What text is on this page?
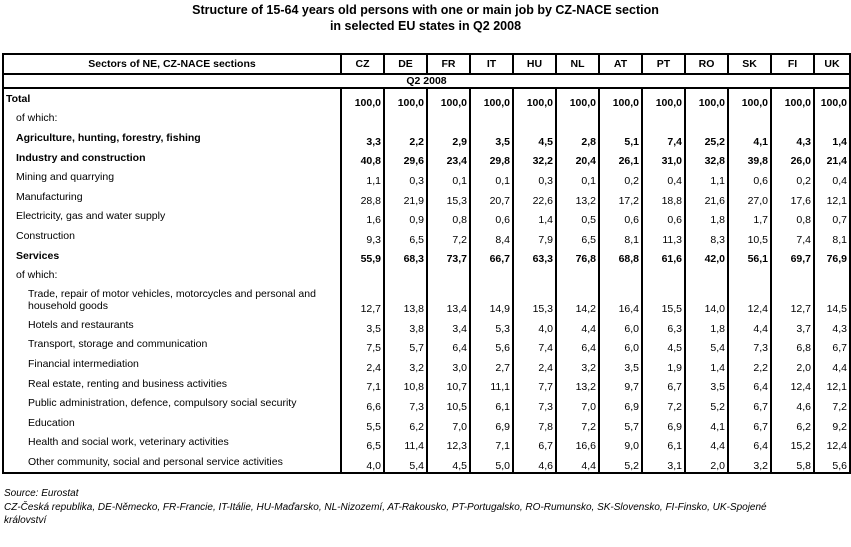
Structure of 15-64 years old persons with one or main job by CZ-NACE section
in selected EU states in Q2 2008
Sectors of NE, CZ-NACE sections	CZ	DE	FR	IT	HU	NL	AT	PT	RO	SK	FI	UK
Q2 2008												
Total	100,0	100,0	100,0	100,0	100,0	100,0	100,0	100,0	100,0	100,0	100,0	100,0
of which:												
Agriculture, hunting, forestry, fishing	3,3	2,2	2,9	3,5	4,5	2,8	5,1	7,4	25,2	4,1	4,3	1,4
Industry and construction	40,8	29,6	23,4	29,8	32,2	20,4	26,1	31,0	32,8	39,8	26,0	21,4
Mining and quarrying	1,1	0,3	0,1	0,1	0,3	0,1	0,2	0,4	1,1	0,6	0,2	0,4
Manufacturing	28,8	21,9	15,3	20,7	22,6	13,2	17,2	18,8	21,6	27,0	17,6	12,1
Electricity, gas and water supply	1,6	0,9	0,8	0,6	1,4	0,5	0,6	0,6	1,8	1,7	0,8	0,7
Construction	9,3	6,5	7,2	8,4	7,9	6,5	8,1	11,3	8,3	10,5	7,4	8,1
Services	55,9	68,3	73,7	66,7	63,3	76,8	68,8	61,6	42,0	56,1	69,7	76,9
of which:												
Trade, repair of motor vehicles, motorcycles and personal and household goods	12,7	13,8	13,4	14,9	15,3	14,2	16,4	15,5	14,0	12,4	12,7	14,5
Hotels and restaurants	3,5	3,8	3,4	5,3	4,0	4,4	6,0	6,3	1,8	4,4	3,7	4,3
Transport, storage and communication	7,5	5,7	6,4	5,6	7,4	6,4	6,0	4,5	5,4	7,3	6,8	6,7
Financial intermediation	2,4	3,2	3,0	2,7	2,4	3,2	3,5	1,9	1,4	2,2	2,0	4,4
Real estate, renting and business activities	7,1	10,8	10,7	11,1	7,7	13,2	9,7	6,7	3,5	6,4	12,4	12,1
Public administration, defence, compulsory social security	6,6	7,3	10,5	6,1	7,3	7,0	6,9	7,2	5,2	6,7	4,6	7,2
Education	5,5	6,2	7,0	6,9	7,8	7,2	5,7	6,9	4,1	6,7	6,2	9,2
Health and social work, veterinary activities	6,5	11,4	12,3	7,1	6,7	16,6	9,0	6,1	4,4	6,4	15,2	12,4
Other community, social and personal service activities	4,0	5,4	4,5	5,0	4,6	4,4	5,2	3,1	2,0	3,2	5,8	5,6
Source: Eurostat
CZ-Česká republika, DE-Německo, FR-Francie, IT-Itálie, HU-Maďarsko, NL-Nizozemí, AT-Rakousko, PT-Portugalsko, RO-Rumunsko, SK-Slovensko, FI-Finsko, UK-Spojené království
